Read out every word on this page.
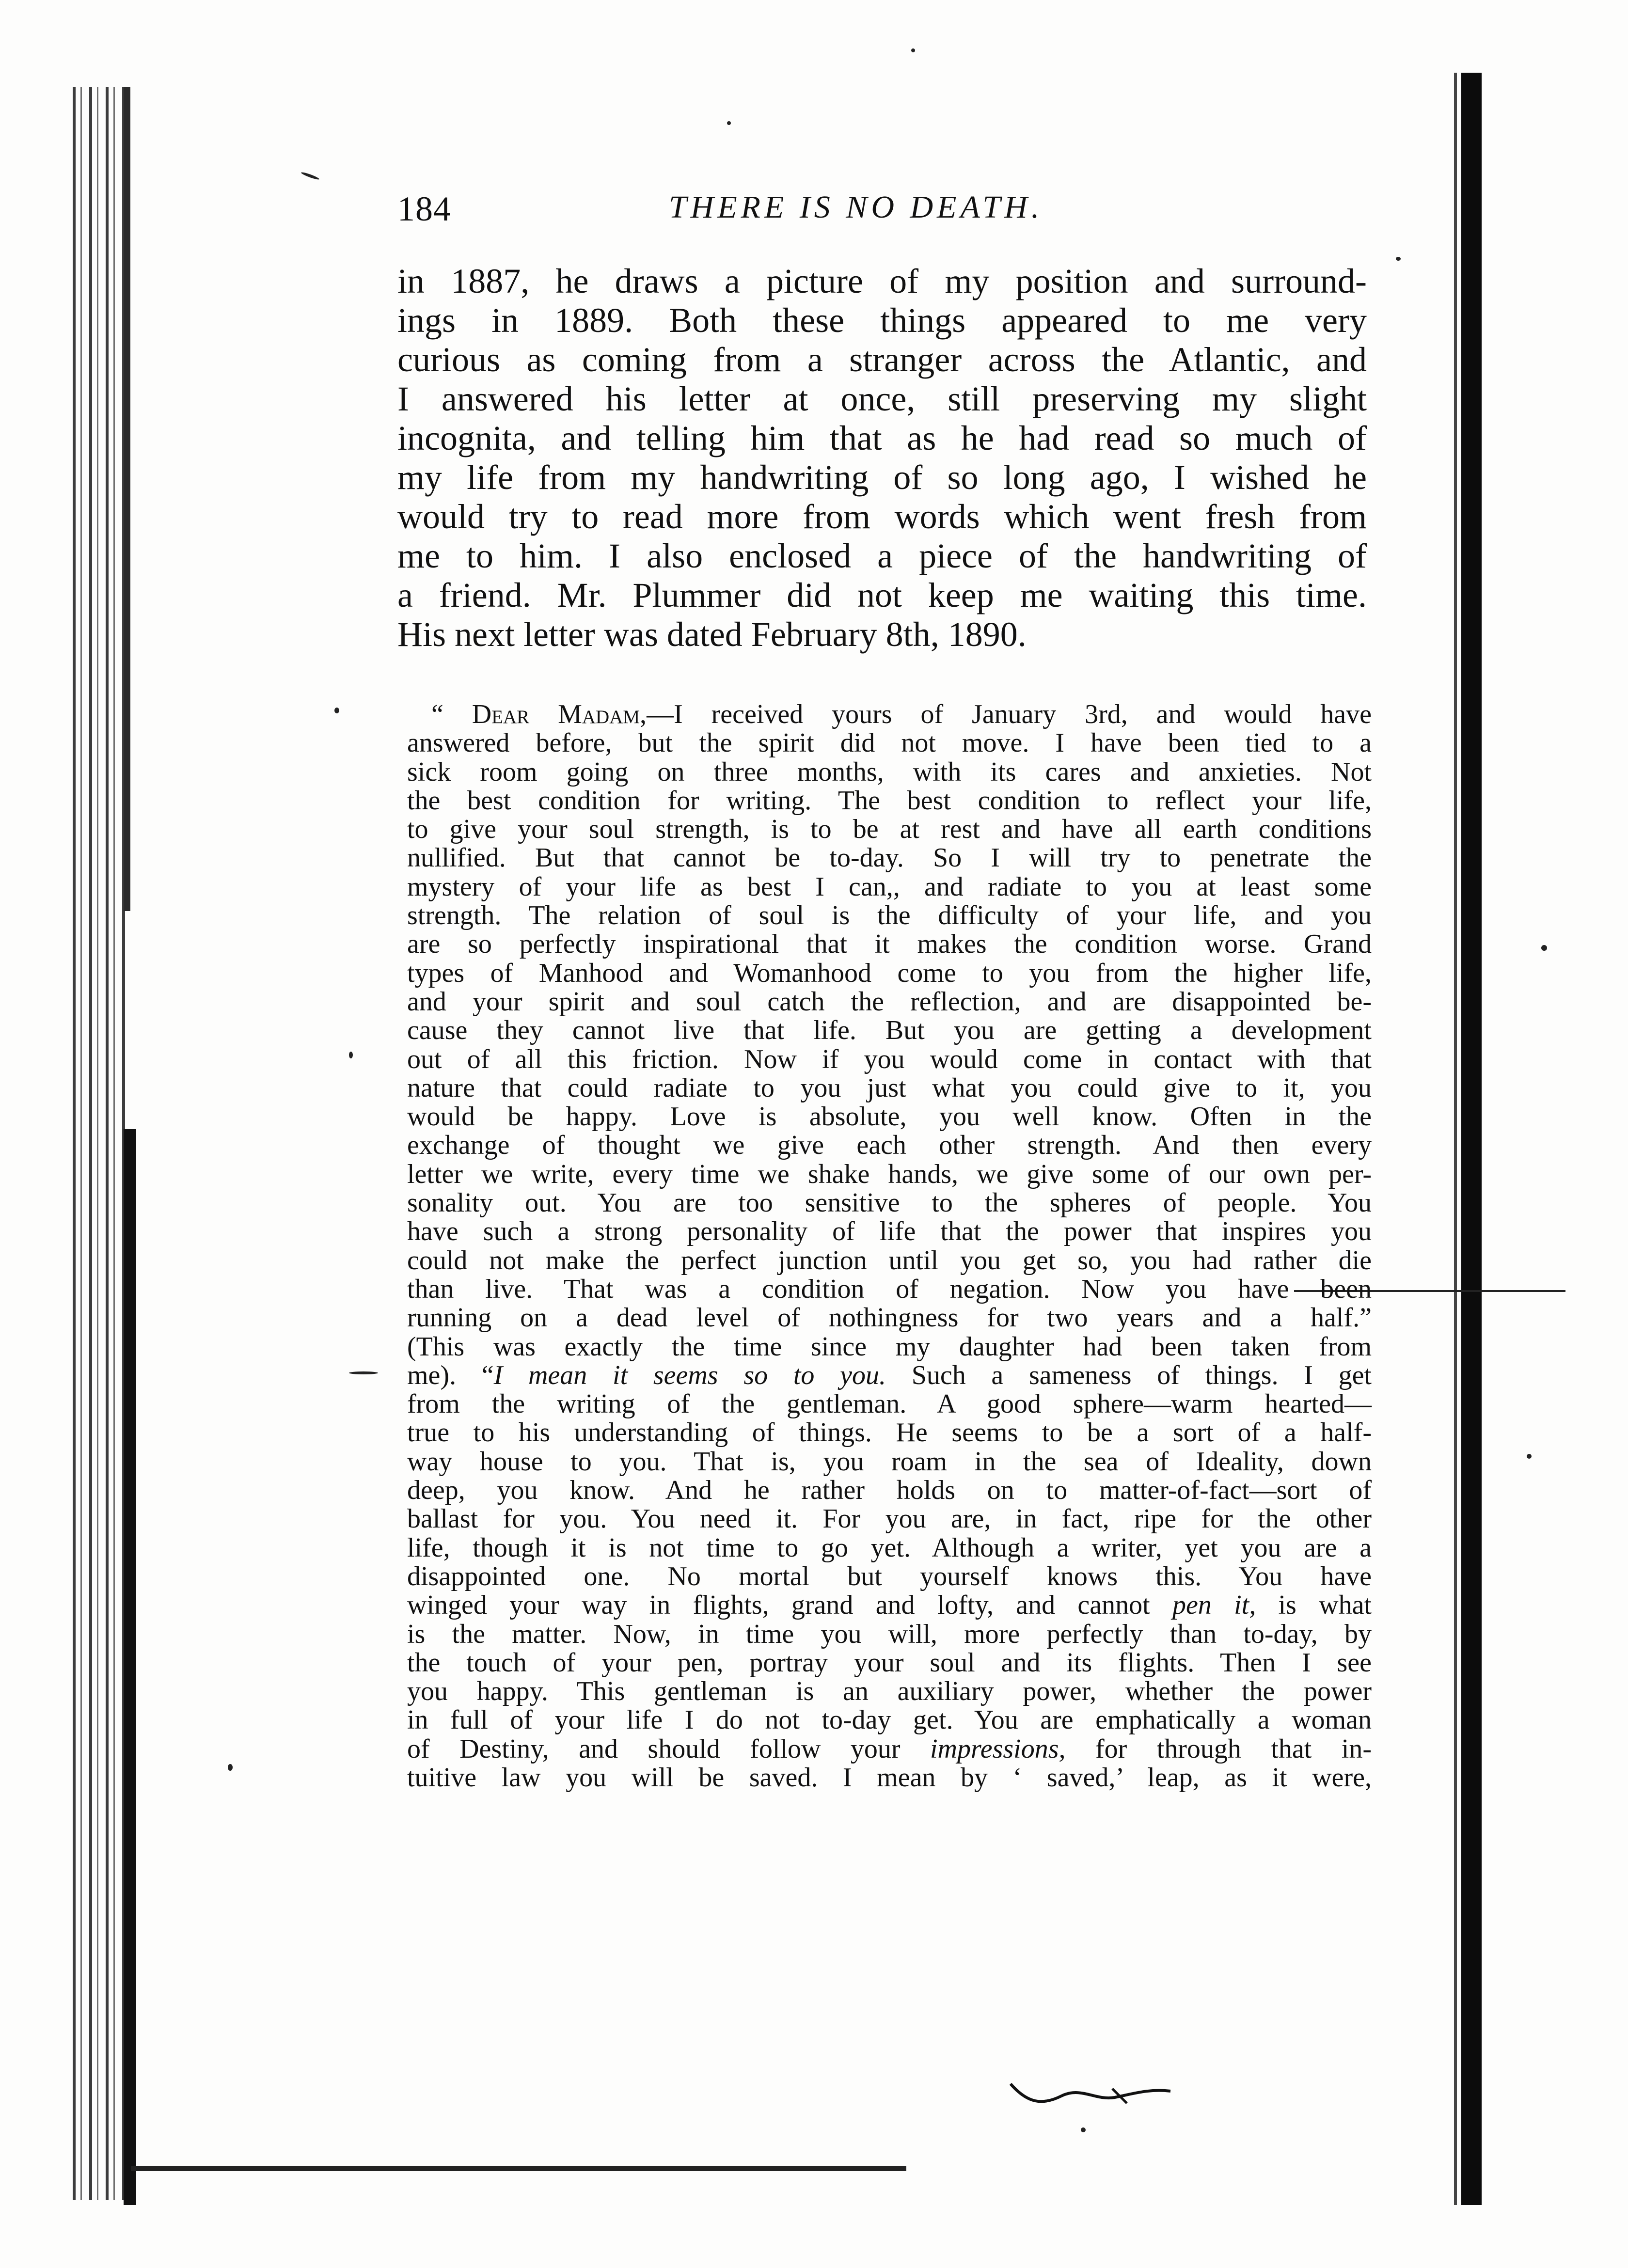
184	THERE IS NO DEATH.
in 1887, he draws a picture of my position and surround-
ings in 1889. Both these things appeared to me very
curious as coming from a stranger across the Atlantic, and
I answered his letter at once, still preserving my slight
incognita, and telling him that as he had read so much of
my life from my handwriting of so long ago, I wished he
would try to read more from words which went fresh from
me to him. I also enclosed a piece of the handwriting of
a friend. Mr. Plummer did not keep me waiting this time.
His next letter was dated February 8th, 1890.
“ Dear Madam,—I received yours of January 3rd, and would have
answered before, but the spirit did not move. I have been tied to a
sick room going on three months, with its cares and anxieties. Not
the best condition for writing. The best condition to reflect your life,
to give your soul strength, is to be at rest and have all earth conditions
nullified. But that cannot be to-day. So I will try to penetrate the
mystery of your life as best I can,, and radiate to you at least some
strength. The relation of soul is the difficulty of your life, and you
are so perfectly inspirational that it makes the condition worse. Grand
types of Manhood and Womanhood come to you from the higher life,
and your spirit and soul catch the reflection, and are disappointed be-
cause they cannot live that life. But you are getting a development
out of all this friction. Now if you would come in contact with that
nature that could radiate to you just what you could give to it, you
would be happy. Love is absolute, you well know. Often in the
exchange of thought we give each other strength. And then every
letter we write, every time we shake hands, we give some of our own per-
sonality out. You are too sensitive to the spheres of people. You
have such a strong personality of life that the power that inspires you
could not make the perfect junction until you get so, you had rather die
than live. That was a condition of negation. Now you have been
running on a dead level of nothingness for two years and a half.”
(This was exactly the time since my daughter had been taken from
me). “I mean it seems so to you. Such a sameness of things. I get
from the writing of the gentleman. A good sphere—warm hearted—
true to his understanding of things. He seems to be a sort of a half-
way house to you. That is, you roam in the sea of Ideality, down
deep, you know. And he rather holds on to matter-of-fact—sort of
ballast for you. You need it. For you are, in fact, ripe for the other
life, though it is not time to go yet. Although a writer, yet you are a
disappointed one. No mortal but yourself knows this. You have
winged your way in flights, grand and lofty, and cannot pen it, is what
is the matter. Now, in time you will, more perfectly than to-day, by
the touch of your pen, portray your soul and its flights. Then I see
you happy. This gentleman is an auxiliary power, whether the power
in full of your life I do not to-day get. You are emphatically a woman
of Destiny, and should follow your impressions, for through that in-
tuitive law you will be saved. I mean by ‘ saved,’ leap, as it were,
